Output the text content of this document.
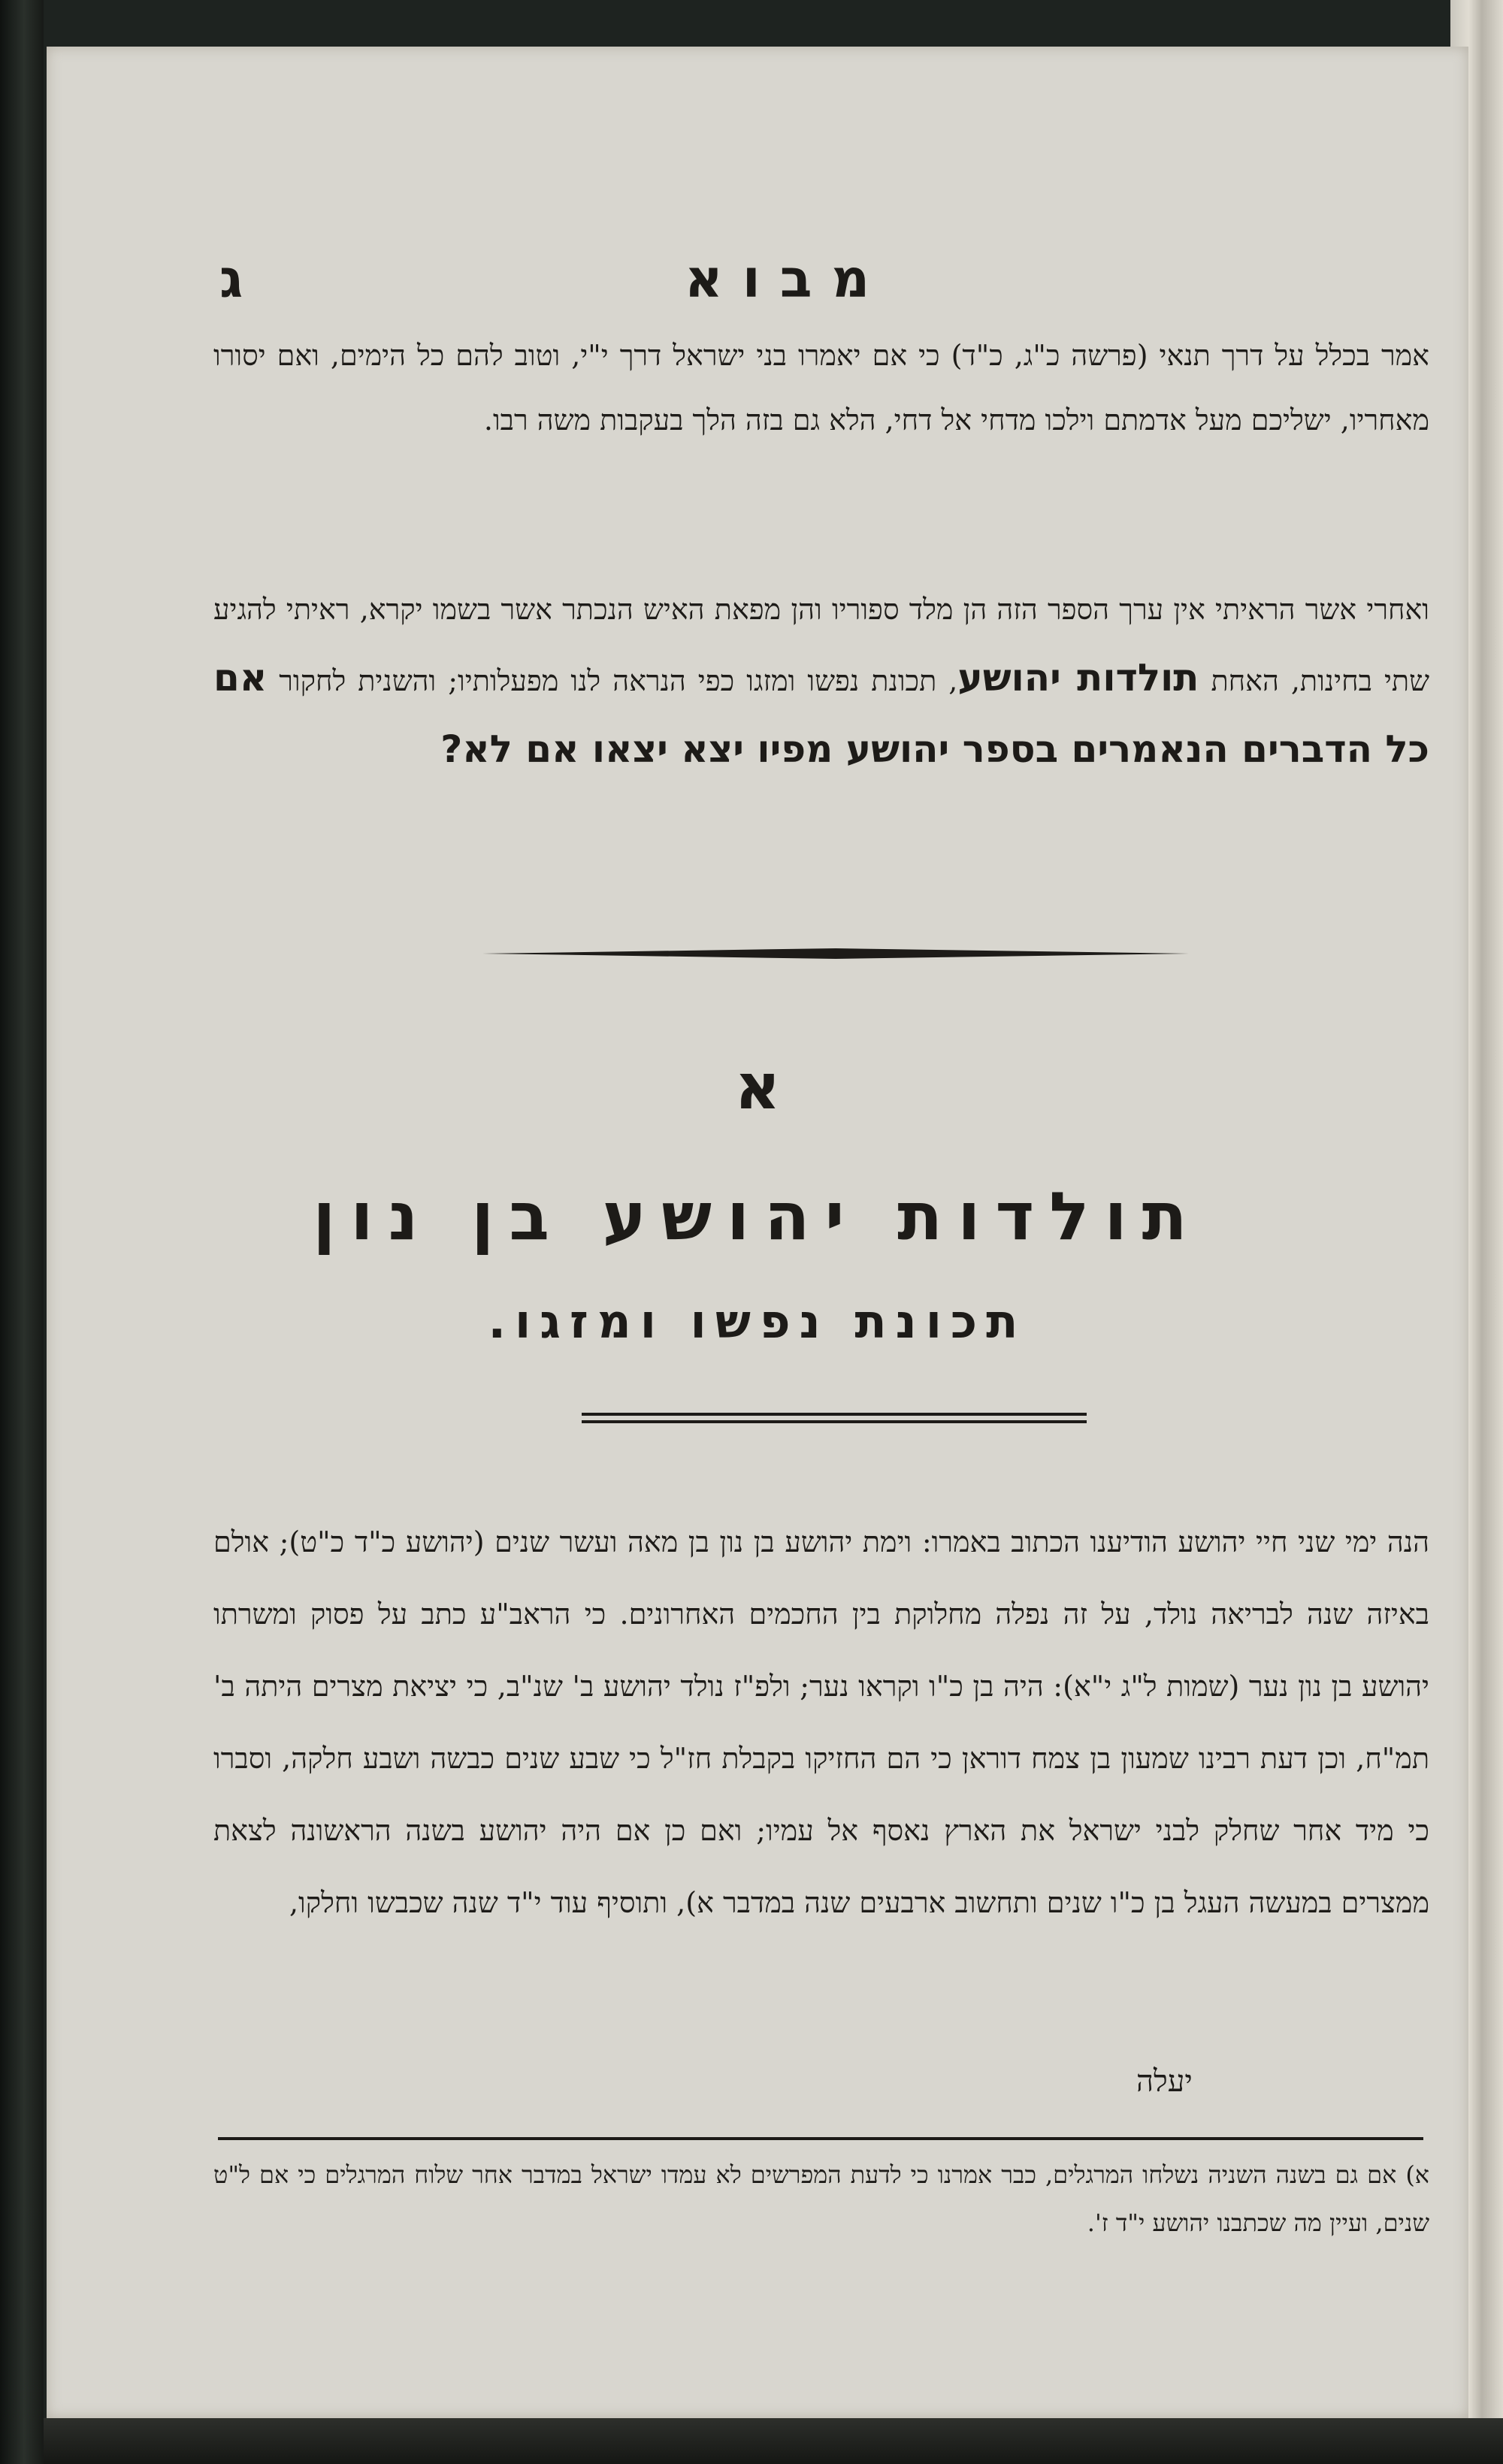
מבוא
ג
אמר בכלל על דרך תנאי (פרשה כ"ג, כ"ד) כי אם יאמרו בני ישראל דרך י"י, וטוב להם כל הימים, ואם יסורו מאחריו, ישליכם מעל אדמתם וילכו מדחי אל דחי, הלא גם בזה הלך בעקבות משה רבו.
ואחרי אשר הראיתי אין ערך הספר הזה הן מלד ספוריו והן מפאת האיש הנכתר אשר בשמו יקרא, ראיתי להגיע שתי בחינות, האחת תולדות יהושע, תכונת נפשו ומזגו כפי הנראה לנו מפעלותיו; והשנית לחקור אם כל הדברים הנאמרים בספר יהושע מפיו יצא יצאו אם לא?
א
תולדות יהושע בן נון
תכונת נפשו ומזגו.
הנה ימי שני חיי יהושע הודיענו הכתוב באמרו: וימת יהושע בן נון בן מאה ועשר שנים (יהושע כ"ד כ"ט); אולם באיזה שנה לבריאה נולד, על זה נפלה מחלוקת בין החכמים האחרונים. כי הראב"ע כתב על פסוק ומשרתו יהושע בן נון נער (שמות ל"ג י"א): היה בן כ"ו וקראו נער; ולפ"ז נולד יהושע ב' שנ"ב, כי יציאת מצרים היתה ב' תמ"ח, וכן דעת רבינו שמעון בן צמח דוראן כי הם החזיקו בקבלת חז"ל כי שבע שנים כבשה ושבע חלקה, וסברו כי מיד אחר שחלק לבני ישראל את הארץ נאסף אל עמיו; ואם כן אם היה יהושע בשנה הראשונה לצאת ממצרים במעשה העגל בן כ"ו שנים ותחשוב ארבעים שנה במדבר א), ותוסיף עוד י"ד שנה שכבשו וחלקו,
יעלה
א) אם גם בשנה השניה נשלחו המרגלים, כבר אמרנו כי לדעת המפרשים לא עמדו ישראל במדבר אחר שלוח המרגלים כי אם ל"ט שנים, ועיין מה שכתבנו יהושע י"ד ז'.
